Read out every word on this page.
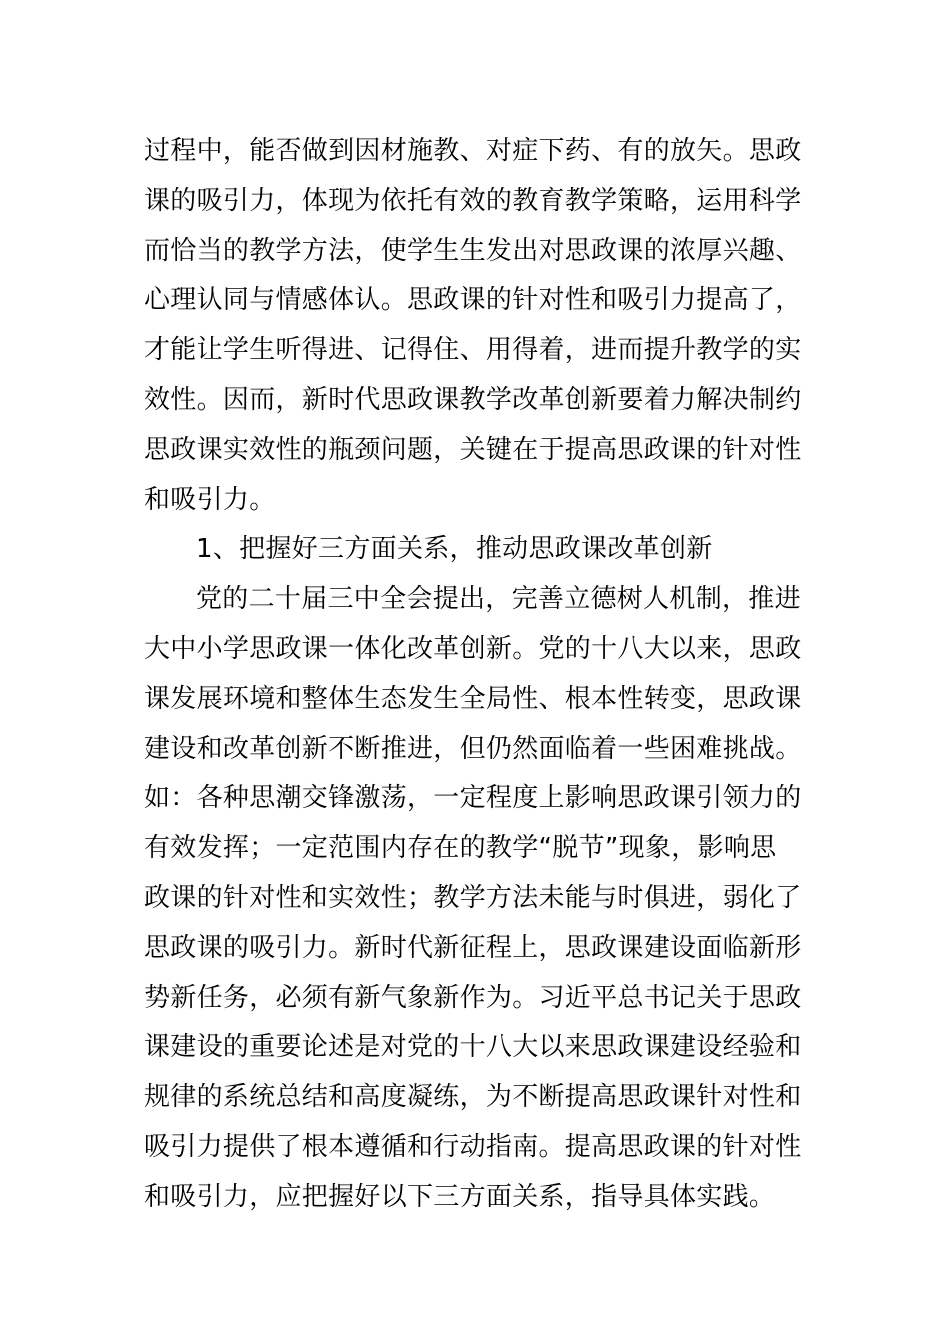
过程中，能否做到因材施教、对症下药、有的放矢。思政
课的吸引力，体现为依托有效的教育教学策略，运用科学
而恰当的教学方法，使学生生发出对思政课的浓厚兴趣、
心理认同与情感体认。思政课的针对性和吸引力提高了，
才能让学生听得进、记得住、用得着，进而提升教学的实
效性。因而，新时代思政课教学改革创新要着力解决制约
思政课实效性的瓶颈问题，关键在于提高思政课的针对性
和吸引力。
1、把握好三方面关系，推动思政课改革创新
党的二十届三中全会提出，完善立德树人机制，推进
大中小学思政课一体化改革创新。党的十八大以来，思政
课发展环境和整体生态发生全局性、根本性转变，思政课
建设和改革创新不断推进，但仍然面临着一些困难挑战。
如：各种思潮交锋激荡，一定程度上影响思政课引领力的
有效发挥；一定范围内存在的教学“脱节”现象，影响思
政课的针对性和实效性；教学方法未能与时俱进，弱化了
思政课的吸引力。新时代新征程上，思政课建设面临新形
势新任务，必须有新气象新作为。习近平总书记关于思政
课建设的重要论述是对党的十八大以来思政课建设经验和
规律的系统总结和高度凝练，为不断提高思政课针对性和
吸引力提供了根本遵循和行动指南。提高思政课的针对性
和吸引力，应把握好以下三方面关系，指导具体实践。
